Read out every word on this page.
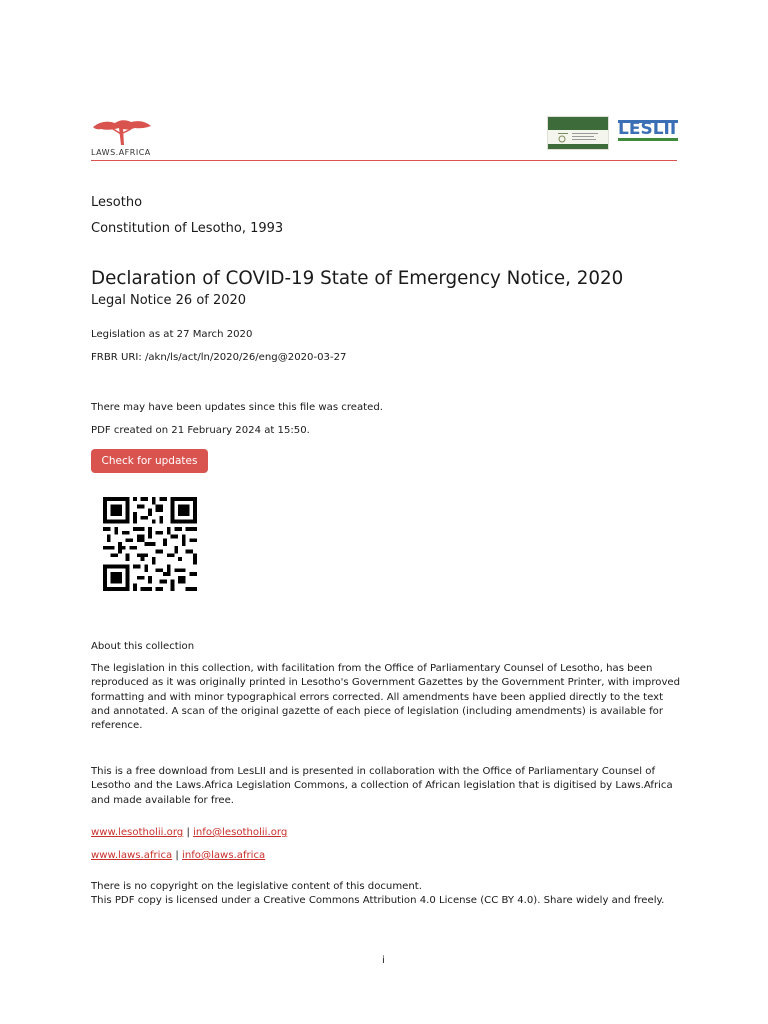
LAWS.AFRICA
LESLII
Lesotho
Constitution of Lesotho, 1993
Declaration of COVID-19 State of Emergency Notice, 2020
Legal Notice 26 of 2020
Legislation as at 27 March 2020
FRBR URI: /akn/ls/act/ln/2020/26/eng@2020-03-27
There may have been updates since this file was created.
PDF created on 21 February 2024 at 15:50.
Check for updates
About this collection
The legislation in this collection, with facilitation from the Office of Parliamentary Counsel of Lesotho, has been
reproduced as it was originally printed in Lesotho's Government Gazettes by the Government Printer, with improved
formatting and with minor typographical errors corrected. All amendments have been applied directly to the text
and annotated. A scan of the original gazette of each piece of legislation (including amendments) is available for
reference.
This is a free download from LesLII and is presented in collaboration with the Office of Parliamentary Counsel of
Lesotho and the Laws.Africa Legislation Commons, a collection of African legislation that is digitised by Laws.Africa
and made available for free.
www.lesotholii.org | info@lesotholii.org
www.laws.africa | info@laws.africa
There is no copyright on the legislative content of this document.
This PDF copy is licensed under a Creative Commons Attribution 4.0 License (CC BY 4.0). Share widely and freely.
i
